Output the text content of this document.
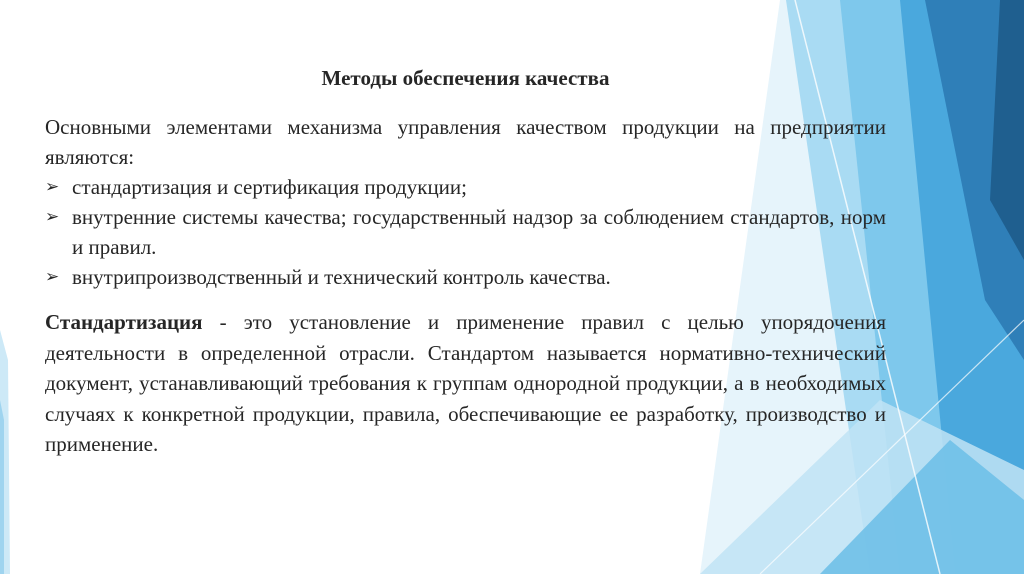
Методы обеспечения качества

Основными элементами механизма управления качеством продукции на предприятии являются:

➢ стандартизация и сертификация продукции;
➢ внутренние системы качества; государственный надзор за соблюдением стандартов, норм и правил.
➢ внутрипроизводственный и технический контроль качества.

Стандартизация - это установление и применение правил с целью упорядочения деятельности в определенной отрасли. Стандартом называется нормативно-технический документ, устанавливающий требования к группам однородной продукции, а в необходимых случаях к конкретной продукции, правила, обеспечивающие ее разработку, производство и применение.
